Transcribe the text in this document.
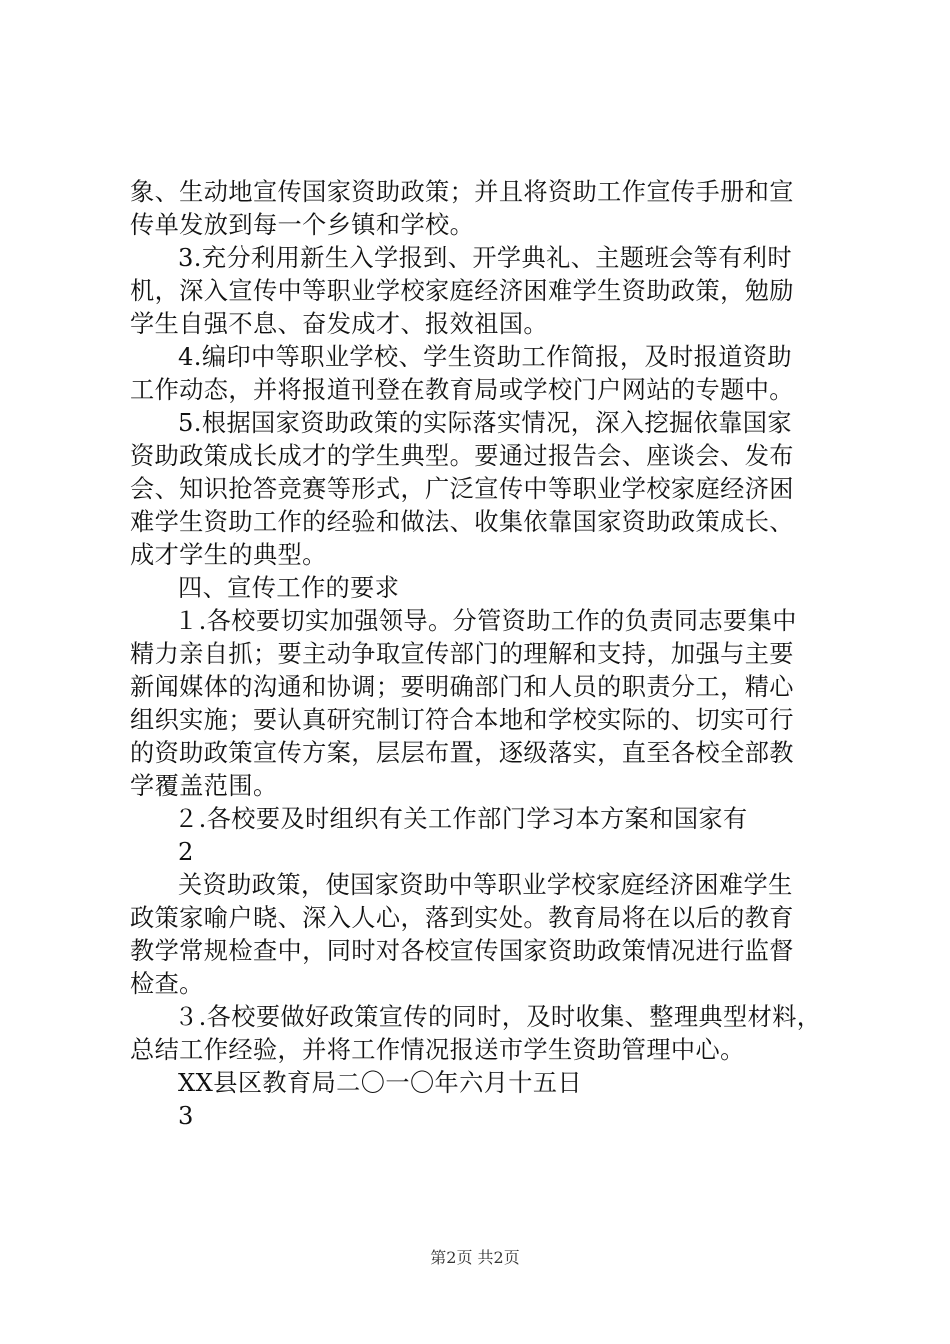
象、生动地宣传国家资助政策；并且将资助工作宣传手册和宣
传单发放到每一个乡镇和学校。
3.充分利用新生入学报到、开学典礼、主题班会等有利时
机，深入宣传中等职业学校家庭经济困难学生资助政策，勉励
学生自强不息、奋发成才、报效祖国。
4.编印中等职业学校、学生资助工作简报，及时报道资助
工作动态，并将报道刊登在教育局或学校门户网站的专题中。
5.根据国家资助政策的实际落实情况，深入挖掘依靠国家
资助政策成长成才的学生典型。要通过报告会、座谈会、发布
会、知识抢答竞赛等形式，广泛宣传中等职业学校家庭经济困
难学生资助工作的经验和做法、收集依靠国家资助政策成长、
成才学生的典型。
四、宣传工作的要求
１.各校要切实加强领导。分管资助工作的负责同志要集中
精力亲自抓；要主动争取宣传部门的理解和支持，加强与主要
新闻媒体的沟通和协调；要明确部门和人员的职责分工，精心
组织实施；要认真研究制订符合本地和学校实际的、切实可行
的资助政策宣传方案，层层布置，逐级落实，直至各校全部教
学覆盖范围。
２.各校要及时组织有关工作部门学习本方案和国家有
2
关资助政策，使国家资助中等职业学校家庭经济困难学生
政策家喻户晓、深入人心，落到实处。教育局将在以后的教育
教学常规检查中，同时对各校宣传国家资助政策情况进行监督
检查。
３.各校要做好政策宣传的同时，及时收集、整理典型材料，
总结工作经验，并将工作情况报送市学生资助管理中心。
XX县区教育局二〇一〇年六月十五日
3
第2页 共2页
